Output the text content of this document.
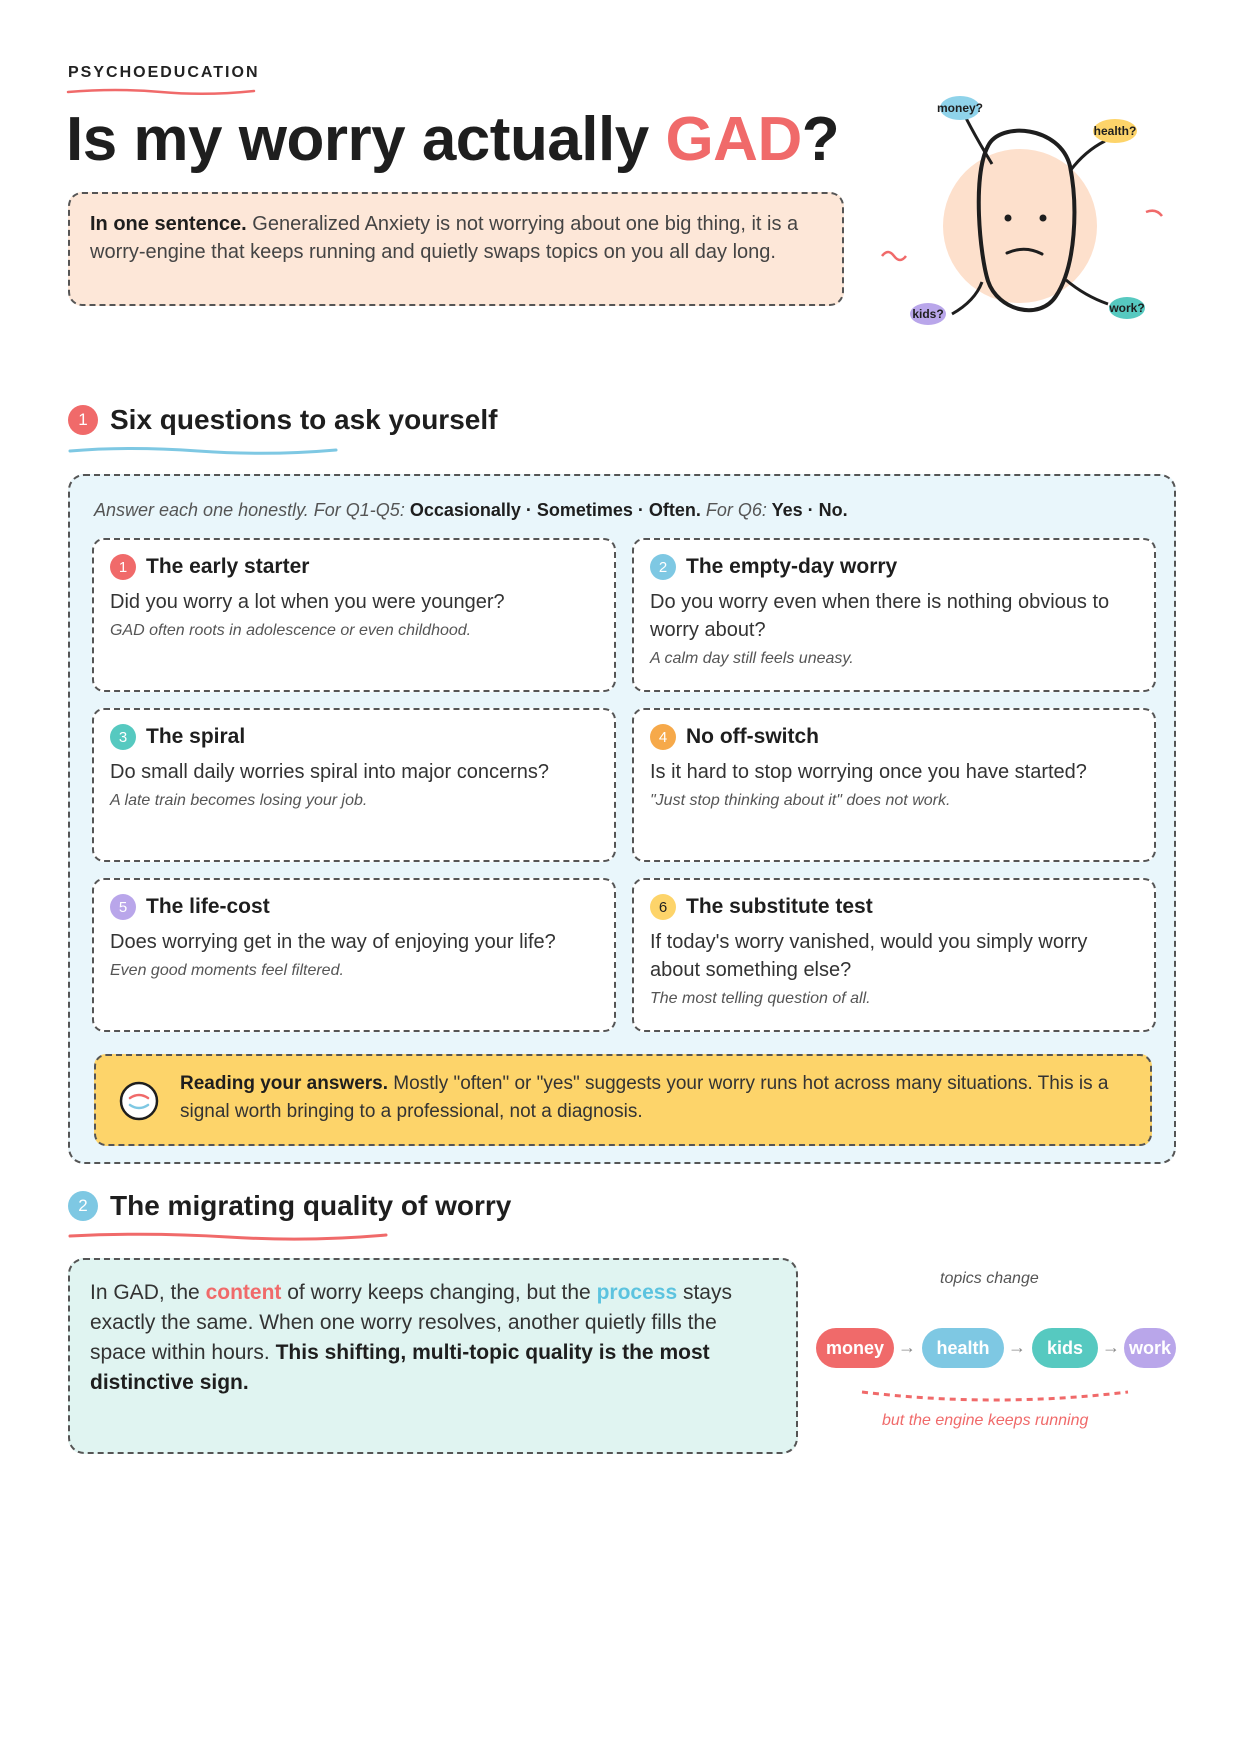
PSYCHOEDUCATION
Is my worry actually GAD?
In one sentence. Generalized Anxiety is not worrying about one big thing, it is a worry-engine that keeps running and quietly swaps topics on you all day long.
money?
health?
kids?	work?
1 Six questions to ask yourself
Answer each one honestly. For Q1-Q5: Occasionally · Sometimes · Often. For Q6: Yes · No.
1 The early starter
Did you worry a lot when you were younger?
GAD often roots in adolescence or even childhood.
2 The empty-day worry
Do you worry even when there is nothing obvious to worry about?
A calm day still feels uneasy.
3 The spiral
Do small daily worries spiral into major concerns?
A late train becomes losing your job.
4 No off-switch
Is it hard to stop worrying once you have started?
"Just stop thinking about it" does not work.
5 The life-cost
Does worrying get in the way of enjoying your life?
Even good moments feel filtered.
6 The substitute test
If today's worry vanished, would you simply worry about something else?
The most telling question of all.
Reading your answers. Mostly "often" or "yes" suggests your worry runs hot across many situations. This is a signal worth bringing to a professional, not a diagnosis.
2 The migrating quality of worry
In GAD, the content of worry keeps changing, but the process stays exactly the same. When one worry resolves, another quietly fills the space within hours. This shifting, multi-topic quality is the most distinctive sign.
topics change
money →	health	→	kids	→ work
but the engine keeps running
